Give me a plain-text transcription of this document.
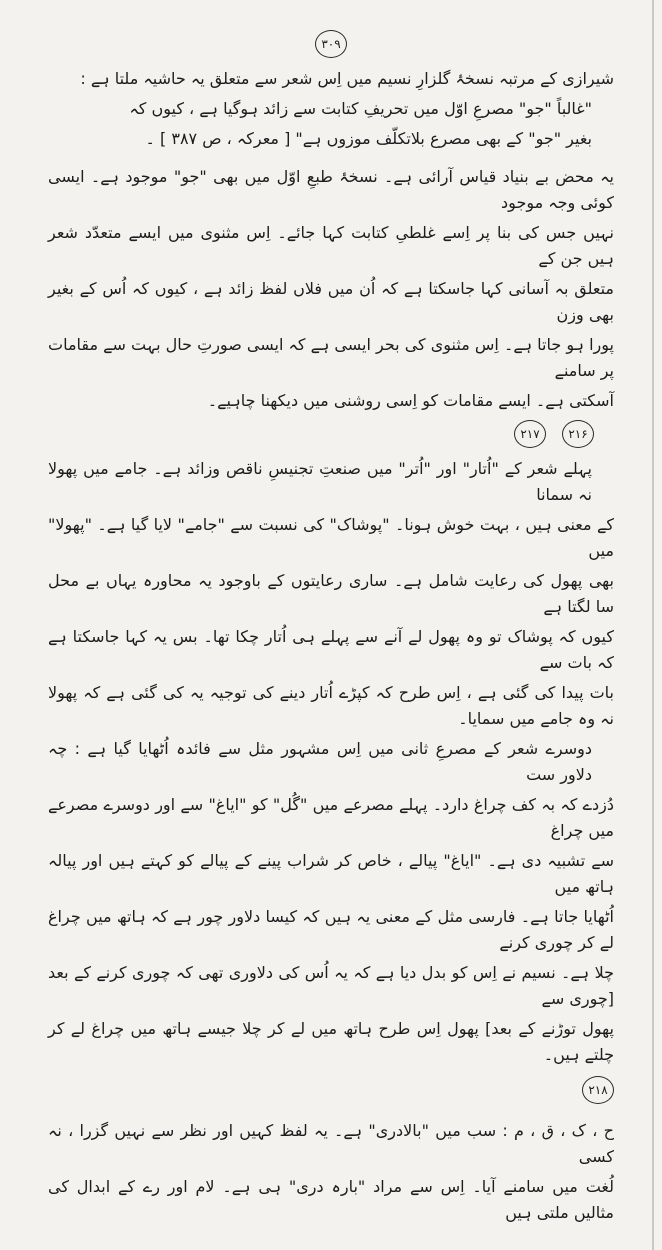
۳۰۹
شیرازی کے مرتبہ نسخۂ گلزارِ نسیم میں اِس شعر سے متعلق یہ حاشیہ ملتا ہے :
"غالباً "جو" مصرعِ اوّل میں تحریفِ کتابت سے زائد ہوگیا ہے ، کیوں کہ
بغیر "جو" کے بھی مصرع بلاتکلّف موزوں ہے" [ معرکہ ، ص ۳۸۷ ] ۔
یہ محض بے بنیاد قیاس آرائی ہے۔ نسخۂ طبعِ اوّل میں بھی "جو" موجود ہے۔ ایسی کوئی وجہ موجود
نہیں جس کی بنا پر اِسے غلطیِ کتابت کہا جائے۔ اِس مثنوی میں ایسے متعدّد شعر ہیں جن کے
متعلق بہ آسانی کہا جاسکتا ہے کہ اُن میں فلاں لفظ زائد ہے ، کیوں کہ اُس کے بغیر بھی وزن
پورا ہو جاتا ہے۔ اِس مثنوی کی بحر ایسی ہے کہ ایسی صورتِ حال بہت سے مقامات پر سامنے
آسکتی ہے۔ ایسے مقامات کو اِسی روشنی میں دیکھنا چاہیے۔
۲۱۶
۲۱۷
پہلے شعر کے "اُتار" اور "اُتر" میں صنعتِ تجنیسِ ناقص وزائد ہے۔ جامے میں پھولا نہ سمانا
کے معنی ہیں ، بہت خوش ہونا۔ "پوشاک" کی نسبت سے "جامے" لایا گیا ہے۔ "پھولا" میں
بھی پھول کی رعایت شامل ہے۔ ساری رعایتوں کے باوجود یہ محاورہ یہاں بے محل سا لگتا ہے
کیوں کہ پوشاک تو وہ پھول لے آنے سے پہلے ہی اُتار چکا تھا۔ بس یہ کہا جاسکتا ہے کہ بات سے
بات پیدا کی گئی ہے ، اِس طرح کہ کپڑے اُتار دینے کی توجیہ یہ کی گئی ہے کہ پھولا نہ وہ جامے میں سمایا۔
دوسرے شعر کے مصرعِ ثانی میں اِس مشہور مثل سے فائدہ اُٹھایا گیا ہے : چہ دلاور ست
دُزدے کہ بہ کف چراغ دارد۔ پہلے مصرعے میں "گُل" کو "ایاغ" سے اور دوسرے مصرعے میں چراغ
سے تشبیہ دی ہے۔ "ایاغ" پیالے ، خاص کر شراب پینے کے پیالے کو کہتے ہیں اور پیالہ ہاتھ میں
اُٹھایا جاتا ہے۔ فارسی مثل کے معنی یہ ہیں کہ کیسا دلاور چور ہے کہ ہاتھ میں چراغ لے کر چوری کرنے
چلا ہے۔ نسیم نے اِس کو بدل دیا ہے کہ یہ اُس کی دلاوری تھی کہ چوری کرنے کے بعد [چوری سے
پھول توڑنے کے بعد] پھول اِس طرح ہاتھ میں لے کر چلا جیسے ہاتھ میں چراغ لے کر چلتے ہیں۔
۲۱۸
ح ، ک ، ق ، م : سب میں "بالادری" ہے۔ یہ لفظ کہیں اور نظر سے نہیں گزرا ، نہ کسی
لُغت میں سامنے آیا۔ اِس سے مراد "بارہ دری" ہی ہے۔ لام اور رے کے ابدال کی مثالیں ملتی ہیں
